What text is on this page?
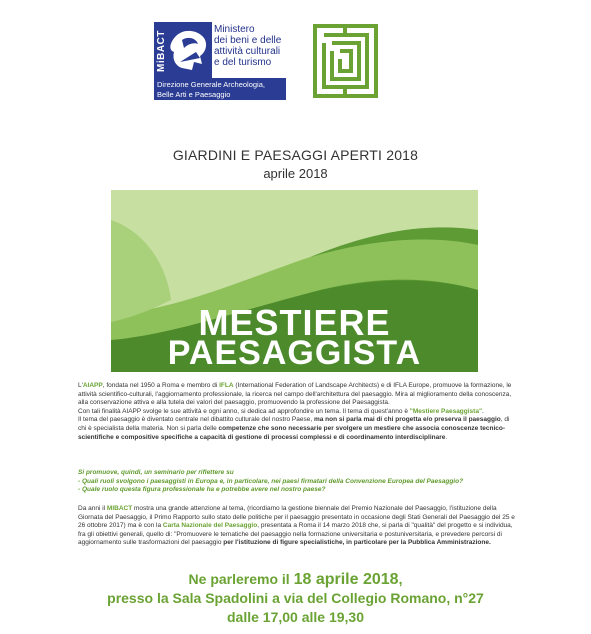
MiBACT
Ministero
dei beni e delle
attività culturali
e del turismo
Direzione Generale Archeologia,
Belle Arti e Paesaggio
GIARDINI E PAESAGGI APERTI 2018
aprile 2018
MESTIERE
PAESAGGISTA
L'AIAPP, fondata nel 1950 a Roma e membro di IFLA (International Federation of Landscape Architects) e di IFLA Europe, promuove la formazione, le attività scientifico-culturali, l'aggiornamento professionale, la ricerca nel campo dell'architettura del paesaggio. Mira al miglioramento della conoscenza, alla conservazione attiva e alla tutela dei valori del paesaggio, promuovendo la professione del Paesaggista.
Con tali finalità AIAPP svolge le sue attività e ogni anno, si dedica ad approfondire un tema. Il tema di quest'anno è "Mestiere Paesaggista".
Il tema del paesaggio è diventato centrale nel dibattito culturale del nostro Paese, ma non si parla mai di chi progetta e/o preserva il paesaggio, di chi è specialista della materia. Non si parla delle competenze che sono necessarie per svolgere un mestiere che associa conoscenze tecnico-scientifiche e compositive specifiche a capacità di gestione di processi complessi e di coordinamento interdisciplinare.
Si promuove, quindi, un seminario per riflettere su
- Quali ruoli svolgono i paesaggisti in Europa e, in particolare, nei paesi firmatari della Convenzione Europea del Paesaggio?
- Quale ruolo questa figura professionale ha e potrebbe avere nel nostro paese?
Da anni il MIBACT mostra una grande attenzione al tema, (ricordiamo la gestione biennale del Premio Nazionale del Paesaggio, l'istituzione della Giornata del Paesaggio, il Primo Rapporto sullo stato delle politiche per il paesaggio presentato in occasione degli Stati Generali del Paesaggio del 25 e 26 ottobre 2017) ma è con la Carta Nazionale del Paesaggio, presentata a Roma il 14 marzo 2018 che, si parla di "qualità" del progetto e si individua, fra gli obiettivi generali, quello di: "Promuovere le tematiche del paesaggio nella formazione universitaria e postuniversitaria, e prevedere percorsi di aggiornamento sulle trasformazioni del paesaggio per l'istituzione di figure specialistiche, in particolare per la Pubblica Amministrazione.
Ne parleremo il 18 aprile 2018,
presso la Sala Spadolini a via del Collegio Romano, n°27
dalle 17,00 alle 19,30
